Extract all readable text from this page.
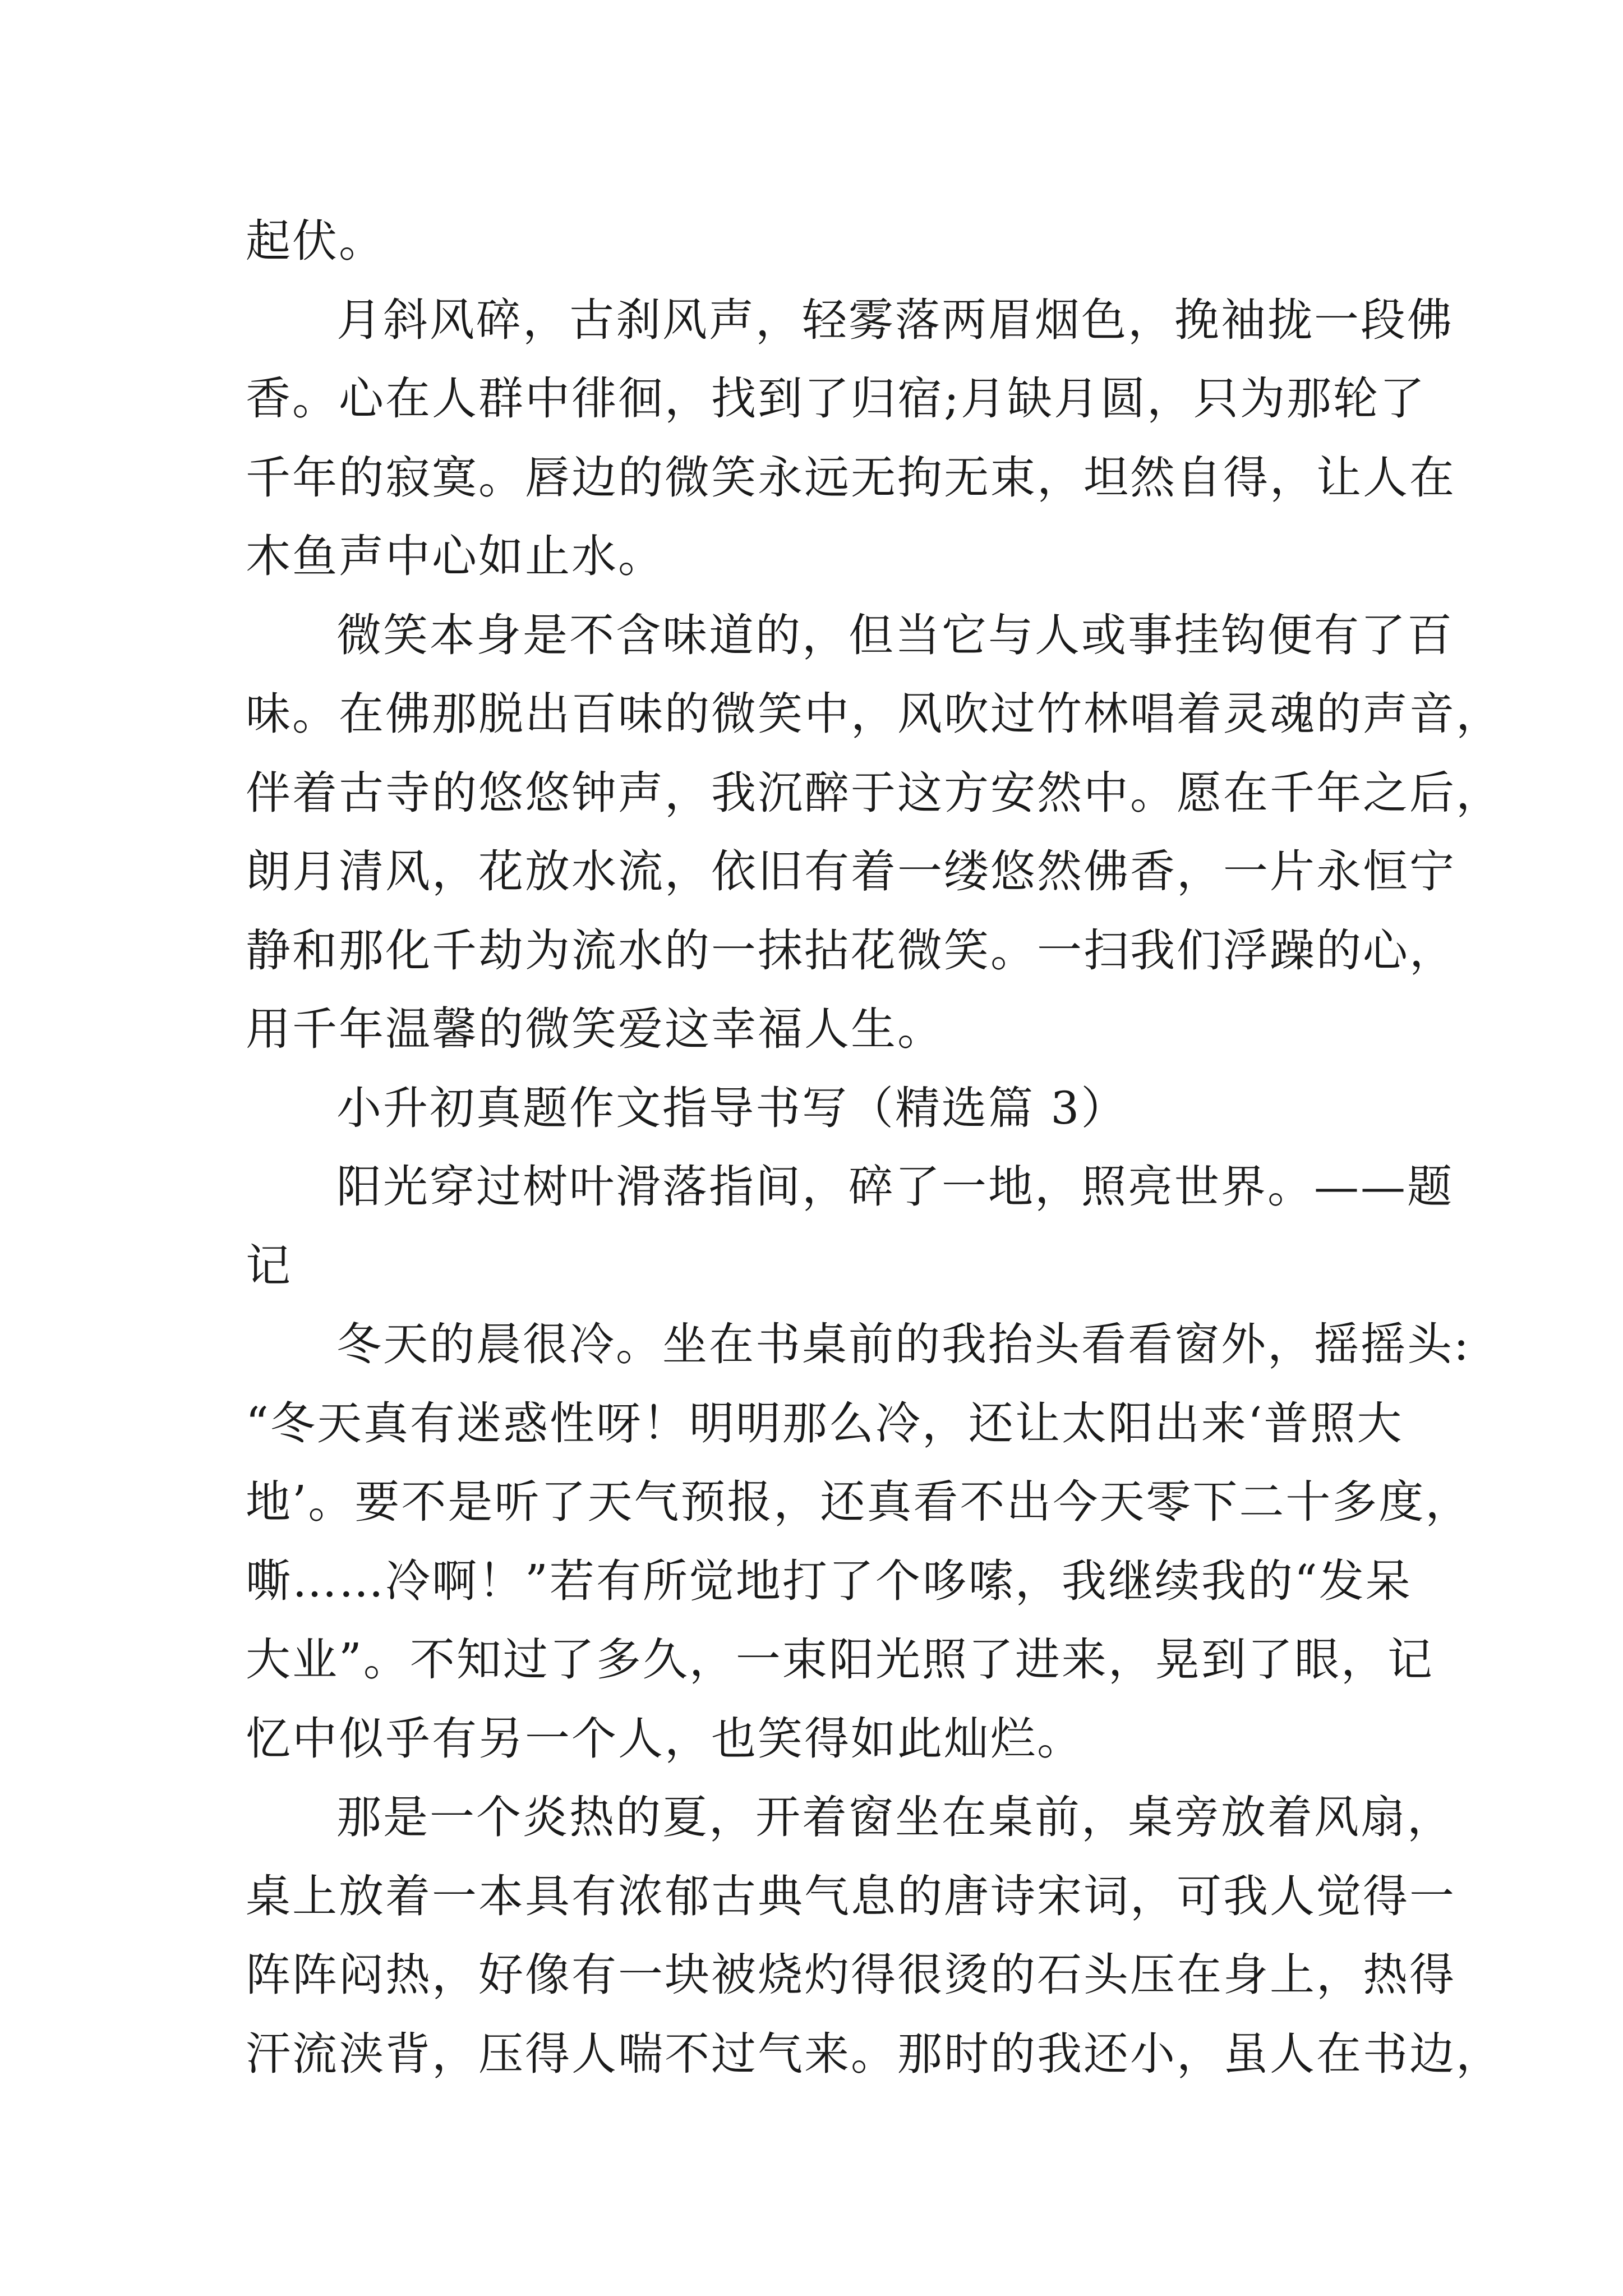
起伏。
月斜风碎，古刹风声，轻雾落两眉烟色，挽袖拢一段佛
香。心在人群中徘徊，找到了归宿;月缺月圆，只为那轮了
千年的寂寞。唇边的微笑永远无拘无束，坦然自得，让人在
木鱼声中心如止水。
微笑本身是不含味道的，但当它与人或事挂钩便有了百
味。在佛那脱出百味的微笑中，风吹过竹林唱着灵魂的声音，
伴着古寺的悠悠钟声，我沉醉于这方安然中。愿在千年之后，
朗月清风，花放水流，依旧有着一缕悠然佛香，一片永恒宁
静和那化千劫为流水的一抹拈花微笑。一扫我们浮躁的心，
用千年温馨的微笑爱这幸福人生。
小升初真题作文指导书写（精选篇 3）
阳光穿过树叶滑落指间，碎了一地，照亮世界。——题
记
冬天的晨很冷。坐在书桌前的我抬头看看窗外，摇摇头:
“冬天真有迷惑性呀！明明那么冷，还让太阳出来‘普照大
地’。要不是听了天气预报，还真看不出今天零下二十多度，
嘶……冷啊！”若有所觉地打了个哆嗦，我继续我的“发呆
大业”。不知过了多久，一束阳光照了进来，晃到了眼，记
忆中似乎有另一个人，也笑得如此灿烂。
那是一个炎热的夏，开着窗坐在桌前，桌旁放着风扇，
桌上放着一本具有浓郁古典气息的唐诗宋词，可我人觉得一
阵阵闷热，好像有一块被烧灼得很烫的石头压在身上，热得
汗流浃背，压得人喘不过气来。那时的我还小，虽人在书边，
